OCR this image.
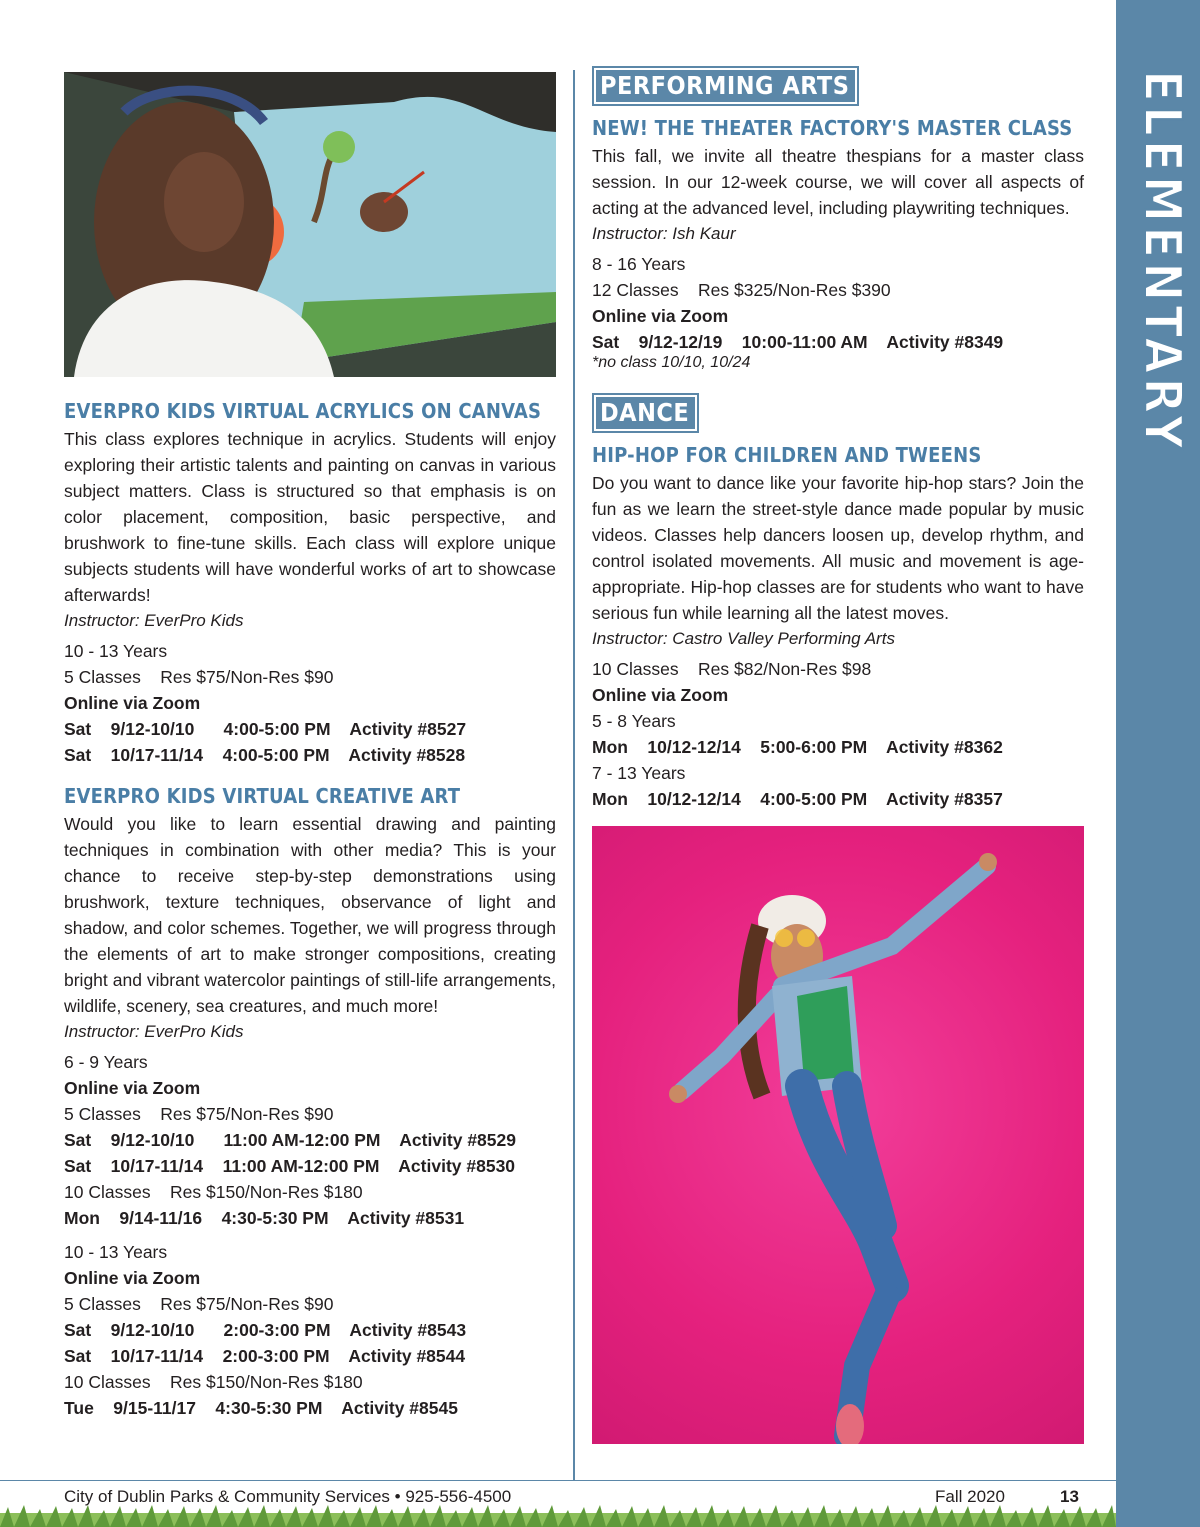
ELEMENTARY
EVERPRO KIDS VIRTUAL ACRYLICS ON CANVAS

This class explores technique in acrylics. Students will enjoy exploring their artistic talents and painting on canvas in various subject matters. Class is structured so that emphasis is on color placement, composition, basic perspective, and brushwork to fine-tune skills. Each class will explore unique subjects students will have wonderful works of art to showcase afterwards!

Instructor: EverPro Kids

10 - 13 Years

5 Classes    Res $75/Non-Res $90

Online via Zoom

Sat    9/12-10/10      4:00-5:00 PM    Activity #8527

Sat    10/17-11/14    4:00-5:00 PM    Activity #8528

EVERPRO KIDS VIRTUAL CREATIVE ART

Would you like to learn essential drawing and painting techniques in combination with other media? This is your chance to receive step-by-step demonstrations using brushwork, texture techniques, observance of light and shadow, and color schemes. Together, we will progress through the elements of art to make stronger compositions, creating bright and vibrant watercolor paintings of still-life arrangements, wildlife, scenery, sea creatures, and much more!

Instructor: EverPro Kids

6 - 9 Years

Online via Zoom

5 Classes    Res $75/Non-Res $90

Sat    9/12-10/10      11:00 AM-12:00 PM    Activity #8529

Sat    10/17-11/14    11:00 AM-12:00 PM    Activity #8530

10 Classes    Res $150/Non-Res $180

Mon    9/14-11/16    4:30-5:30 PM    Activity #8531

10 - 13 Years

Online via Zoom

5 Classes    Res $75/Non-Res $90

Sat    9/12-10/10      2:00-3:00 PM    Activity #8543

Sat    10/17-11/14    2:00-3:00 PM    Activity #8544

10 Classes    Res $150/Non-Res $180

Tue    9/15-11/17    4:30-5:30 PM    Activity #8545

PERFORMING ARTS
NEW! THE THEATER FACTORY'S MASTER CLASS

This fall, we invite all theatre thespians for a master class session. In our 12-week course, we will cover all aspects of acting at the advanced level, including playwriting techniques.

Instructor: Ish Kaur

8 - 16 Years

12 Classes    Res $325/Non-Res $390

Online via Zoom

Sat    9/12-12/19    10:00-11:00 AM    Activity #8349

*no class 10/10, 10/24

DANCE
HIP-HOP FOR CHILDREN AND TWEENS

Do you want to dance like your favorite hip-hop stars? Join the fun as we learn the street-style dance made popular by music videos. Classes help dancers loosen up, develop rhythm, and control isolated movements. All music and movement is age-appropriate. Hip-hop classes are for students who want to have serious fun while learning all the latest moves.

Instructor: Castro Valley Performing Arts

10 Classes    Res $82/Non-Res $98

Online via Zoom

5 - 8 Years

Mon    10/12-12/14    5:00-6:00 PM    Activity #8362

7 - 13 Years

Mon    10/12-12/14    4:00-5:00 PM    Activity #8357

City of Dublin Parks & Community Services • 925-556-4500	Fall 2020	13
